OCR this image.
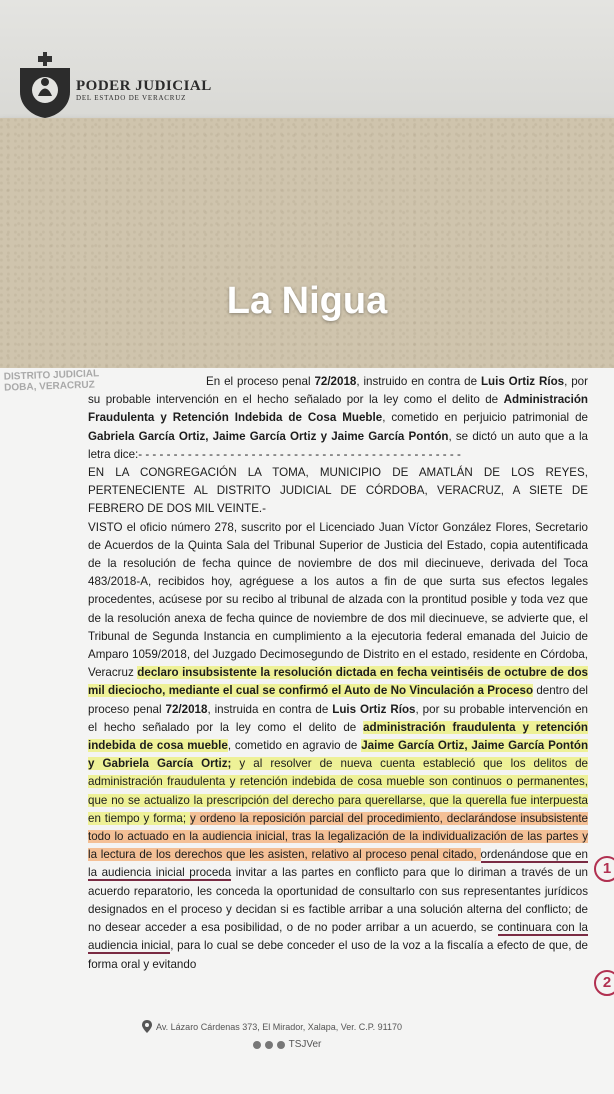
PODER JUDICIAL
DEL ESTADO DE VERACRUZ
La Nigua
DISTRITO JUDICIAL
DOBA, VERACRUZ	En el proceso penal 72/2018, instruido en contra de Luis Ortiz Ríos, por su probable intervención en el hecho señalado por la ley como el delito de Administración Fraudulenta y Retención Indebida de Cosa Mueble, cometido en perjuicio patrimonial de Gabriela García Ortiz, Jaime García Ortiz y Jaime García Pontón, se dictó un auto que a la letra dice:- - - - - - - - - - - - - - - - - - - - - - - - - - - - - - - - - - - - - - - - - - - - - -

EN LA CONGREGACIÓN LA TOMA, MUNICIPIO DE AMATLÁN DE LOS REYES, PERTENECIENTE AL DISTRITO JUDICIAL DE CÓRDOBA, VERACRUZ, A SIETE DE FEBRERO DE DOS MIL VEINTE.-

VISTO el oficio número 278, suscrito por el Licenciado Juan Víctor González Flores, Secretario de Acuerdos de la Quinta Sala del Tribunal Superior de Justicia del Estado, copia autentificada de la resolución de fecha quince de noviembre de dos mil diecinueve, derivada del Toca 483/2018-A, recibidos hoy, agréguese a los autos a fin de que surta sus efectos legales procedentes, acúsese por su recibo al tribunal de alzada con la prontitud posible y toda vez que de la resolución anexa de fecha quince de noviembre de dos mil diecinueve, se advierte que, el Tribunal de Segunda Instancia en cumplimiento a la ejecutoria federal emanada del Juicio de Amparo 1059/2018, del Juzgado Decimosegundo de Distrito en el estado, residente en Córdoba, Veracruz declaro insubsistente la resolución dictada en fecha veintiséis de octubre de dos mil dieciocho, mediante el cual se confirmó el Auto de No Vinculación a Proceso dentro del proceso penal 72/2018, instruida en contra de Luis Ortiz Ríos, por su probable intervención en el hecho señalado por la ley como el delito de administración fraudulenta y retención indebida de cosa mueble, cometido en agravio de Jaime García Ortiz, Jaime García Pontón y Gabriela García Ortiz; y al resolver de nueva cuenta estableció que los delitos de administración fraudulenta y retención indebida de cosa mueble son continuos o permanentes, que no se actualizo la prescripción del derecho para querellarse, que la querella fue interpuesta en tiempo y forma; y ordeno la reposición parcial del procedimiento, declarándose insubsistente todo lo actuado en la audiencia inicial, tras la legalización de la individualización de las partes y la lectura de los derechos que les asisten, relativo al proceso penal citado, ordenándose que en la audiencia inicial proceda invitar a las partes en conflicto para que lo diriman a través de un acuerdo reparatorio, les conceda la oportunidad de consultarlo con sus representantes jurídicos designados en el proceso y decidan si es factible arribar a una solución alterna del conflicto; de no desear acceder a esa posibilidad, o de no poder arribar a un acuerdo, se continuara con la audiencia inicial, para lo cual se debe conceder el uso de la voz a la fiscalía a efecto de que, de forma oral y evitando

1
2
Av. Lázaro Cárdenas 373, El Mirador, Xalapa, Ver. C.P. 91170
TSJVer
